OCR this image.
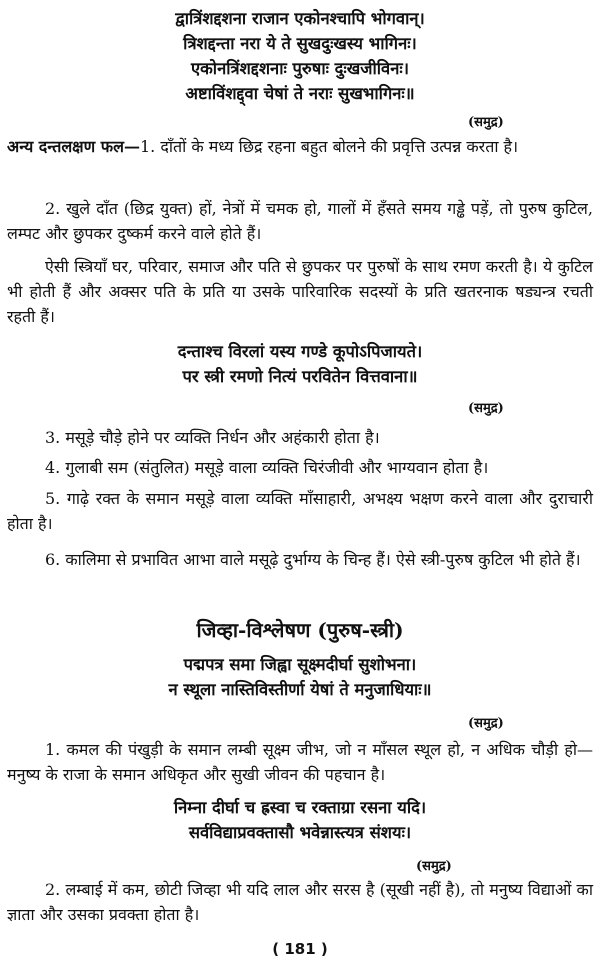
द्वात्रिंशद्दशना राजान एकोनश्चापि भोगवान्।
त्रिशद्दन्ता नरा ये ते सुखदुःखस्य भागिनः।
एकोनत्रिंशद्दशनाः पुरुषाः दुःखजीविनः।
अष्टाविंशद्द्वा चेषां ते नराः सुखभागिनः॥
(समुद्र)
अन्य दन्तलक्षण फल—1. दाँतों के मध्य छिद्र रहना बहुत बोलने की प्रवृत्ति उत्पन्न करता है।
2. खुले दाँत (छिद्र युक्त) हों, नेत्रों में चमक हो, गालों में हँसते समय गड्ढे पड़ें, तो पुरुष कुटिल, लम्पट और छुपकर दुष्कर्म करने वाले होते हैं।
ऐसी स्त्रियाँ घर, परिवार, समाज और पति से छुपकर पर पुरुषों के साथ रमण करती है। ये कुटिल भी होती हैं और अक्सर पति के प्रति या उसके पारिवारिक सदस्यों के प्रति खतरनाक षड्यन्त्र रचती रहती हैं।
दन्ताश्च विरलां यस्य गण्डे कूपोऽपिजायते।
पर स्त्री रमणो नित्यं परवितेन वित्तवाना॥
(समुद्र)
3. मसूड़े चौड़े होने पर व्यक्ति निर्धन और अहंकारी होता है।
4. गुलाबी सम (संतुलित) मसूड़े वाला व्यक्ति चिरंजीवी और भाग्यवान होता है।
5. गाढ़े रक्त के समान मसूड़े वाला व्यक्ति माँसाहारी, अभक्ष्य भक्षण करने वाला और दुराचारी होता है।
6. कालिमा से प्रभावित आभा वाले मसूढ़े दुर्भाग्य के चिन्ह हैं। ऐसे स्त्री-पुरुष कुटिल भी होते हैं।
जिव्हा-विश्लेषण (पुरुष-स्त्री)
पद्मपत्र समा जिह्वा सूक्ष्मदीर्घा सुशोभना।
न स्थूला नास्तिविस्तीर्णा येषां ते मनुजाधियाः॥
(समुद्र)
1. कमल की पंखुड़ी के समान लम्बी सूक्ष्म जीभ, जो न माँसल स्थूल हो, न अधिक चौड़ी हो—मनुष्य के राजा के समान अधिकृत और सुखी जीवन की पहचान है।
निम्ना दीर्घा च ह्रस्वा च रक्ताग्रा रसना यदि।
सर्वविद्याप्रवक्तासौ भवेन्नास्त्यत्र संशयः।
(समुद्र)
2. लम्बाई में कम, छोटी जिव्हा भी यदि लाल और सरस है (सूखी नहीं है), तो मनुष्य विद्याओं का ज्ञाता और उसका प्रवक्ता होता है।
( 181 )
